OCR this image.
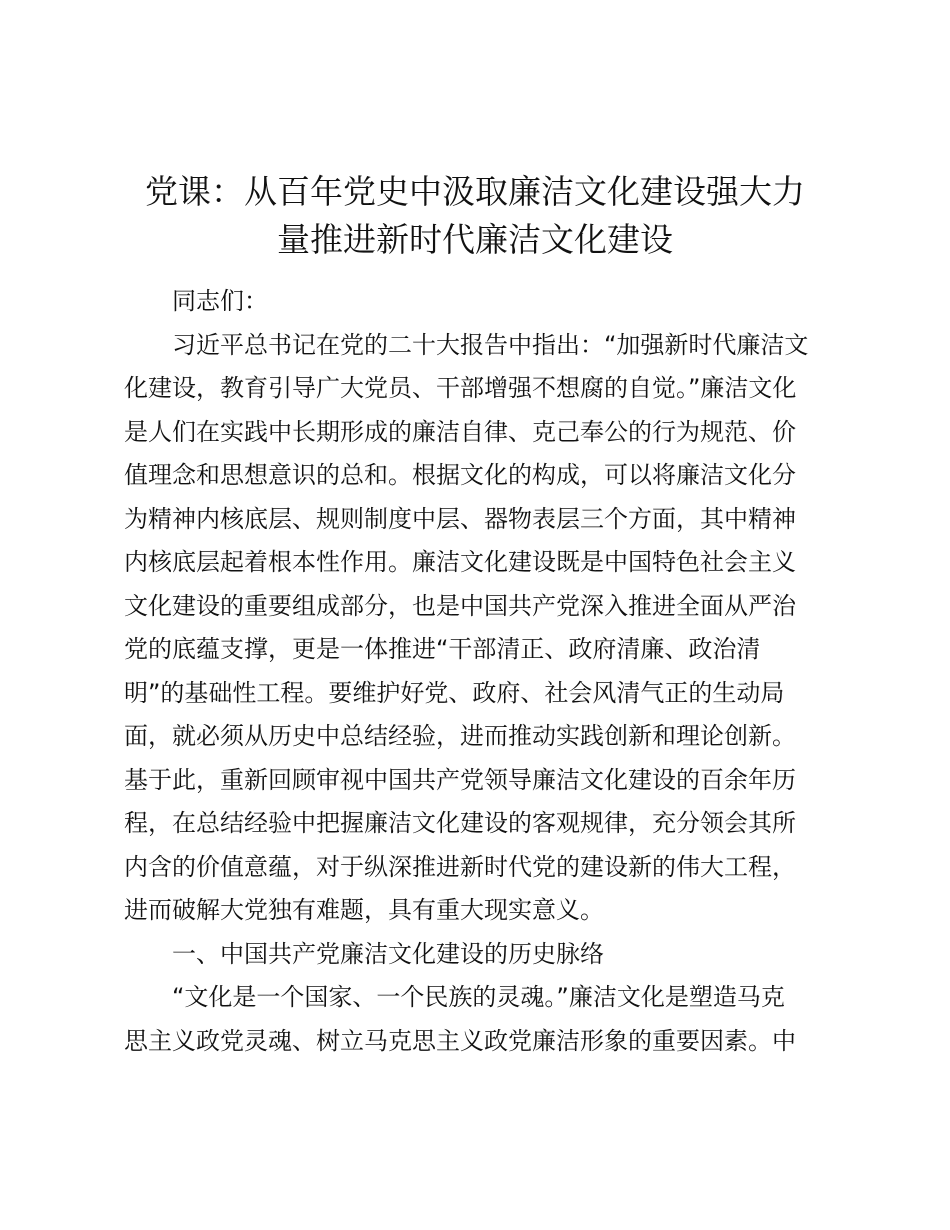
党课：从百年党史中汲取廉洁文化建设强大力
量推进新时代廉洁文化建设
同志们：
习近平总书记在党的二十大报告中指出：“加强新时代廉洁文
化建设，教育引导广大党员、干部增强不想腐的自觉。”廉洁文化
是人们在实践中长期形成的廉洁自律、克己奉公的行为规范、价
值理念和思想意识的总和。根据文化的构成，可以将廉洁文化分
为精神内核底层、规则制度中层、器物表层三个方面，其中精神
内核底层起着根本性作用。廉洁文化建设既是中国特色社会主义
文化建设的重要组成部分，也是中国共产党深入推进全面从严治
党的底蕴支撑，更是一体推进“干部清正、政府清廉、政治清
明”的基础性工程。要维护好党、政府、社会风清气正的生动局
面，就必须从历史中总结经验，进而推动实践创新和理论创新。
基于此，重新回顾审视中国共产党领导廉洁文化建设的百余年历
程，在总结经验中把握廉洁文化建设的客观规律，充分领会其所
内含的价值意蕴，对于纵深推进新时代党的建设新的伟大工程，
进而破解大党独有难题，具有重大现实意义。
一、中国共产党廉洁文化建设的历史脉络
“文化是一个国家、一个民族的灵魂。”廉洁文化是塑造马克
思主义政党灵魂、树立马克思主义政党廉洁形象的重要因素。中
